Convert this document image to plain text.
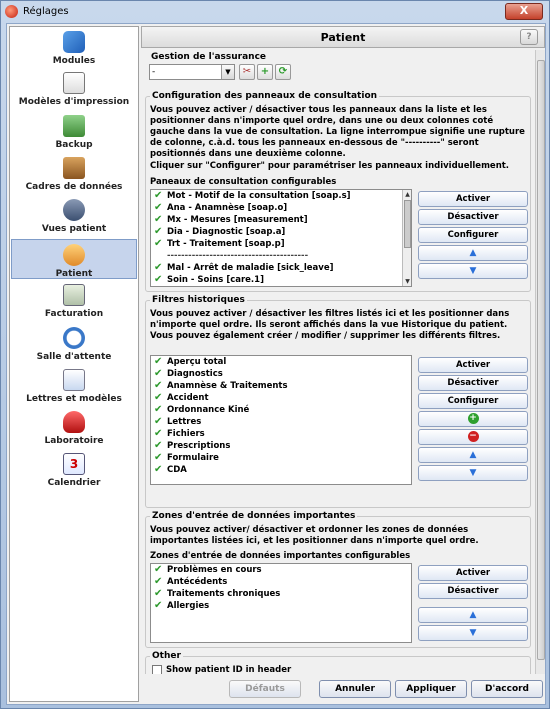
Réglages	X
Modules
Modèles d'impression
Backup
Cadres de données
Vues patient
Patient
Facturation
Salle d'attente
Lettres et modèles
Laboratoire
3
Calendrier
Patient	?
Gestion de l'assurance
-	▼	✂ + ⟳
Configuration des panneaux de consultation
Vous pouvez activer / désactiver tous les panneaux dans la liste et les positionner dans n'importe quel ordre, dans une ou deux colonnes coté gauche dans la vue de consultation. La ligne interrompue signifie une rupture de colonne, c.à.d. tous les panneaux en-dessous de "----------" seront positionnés dans une deuxième colonne.
Cliquer sur "Configurer" pour paramétriser les panneaux individuellement.
Paneaux de consultation configurables
✔ Mot - Motif de la consultation [soap.s]
✔ Ana - Anamnèse [soap.o]
✔ Mx - Mesures [measurement]
✔ Dia - Diagnostic [soap.a]
✔ Trt - Traitement [soap.p]
----------------------------------------
✔ Mal - Arrêt de maladie [sick_leave]
✔ Soin - Soins [care.1]
▲
▼
Activer
Désactiver
Configurer
▲
▼
Filtres historiques
Vous pouvez activer / désactiver les filtres listés ici et les positionner dans n'importe quel ordre. Ils seront affichés dans la vue Historique du patient. Vous pouvez également créer / modifier / supprimer les différents filtres.
✔ Aperçu total
✔ Diagnostics
✔ Anamnèse & Traitements
✔ Accident
✔ Ordonnance Kiné
✔ Lettres
✔ Fichiers
✔ Prescriptions
✔ Formulaire
✔ CDA
Activer
Désactiver
Configurer
+
−
▲
▼
Zones d'entrée de données importantes
Vous pouvez activer/ désactiver et ordonner les zones de données importantes listées ici, et les positionner dans n'importe quel ordre.
Zones d'entrée de données importantes configurables
✔ Problèmes en cours
✔ Antécédents
✔ Traitements chroniques
✔ Allergies
Activer
Désactiver
▲
▼
Other
Show patient ID in header
Défauts	Annuler	Appliquer	D'accord
